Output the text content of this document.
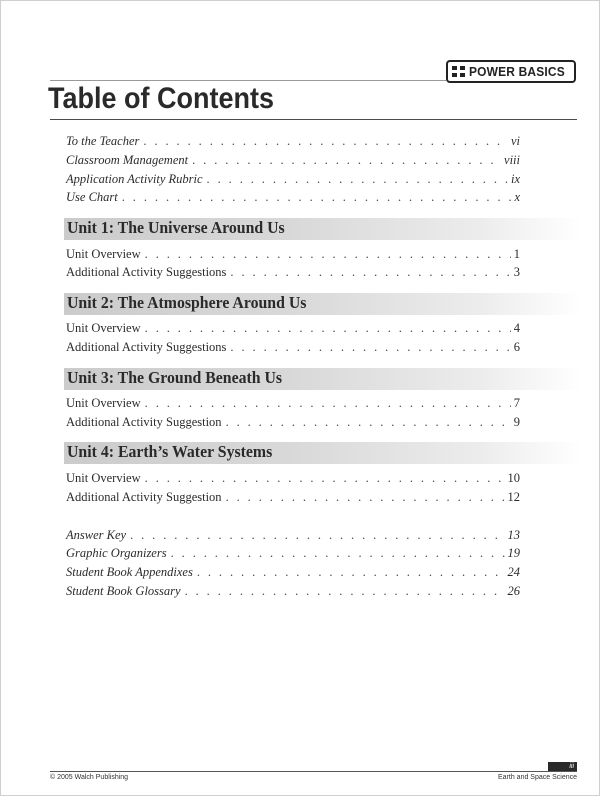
POWER BASICS
Table of Contents
To the Teacher . . .	vi
Classroom Management . . .	viii
Application Activity Rubric . . .	ix
Use Chart . . .	x
Unit 1: The Universe Around Us
Unit Overview . . .	1
Additional Activity Suggestions . . .	3
Unit 2: The Atmosphere Around Us
Unit Overview . . .	4
Additional Activity Suggestions . . .	6
Unit 3: The Ground Beneath Us
Unit Overview . . .	7
Additional Activity Suggestion . . .	9
Unit 4: Earth’s Water Systems
Unit Overview . . .	10
Additional Activity Suggestion . . .	12
Answer Key . . .	13
Graphic Organizers . . .	19
Student Book Appendixes . . .	24
Student Book Glossary . . .	26
iii
© 2005 Walch Publishing	Earth and Space Science
